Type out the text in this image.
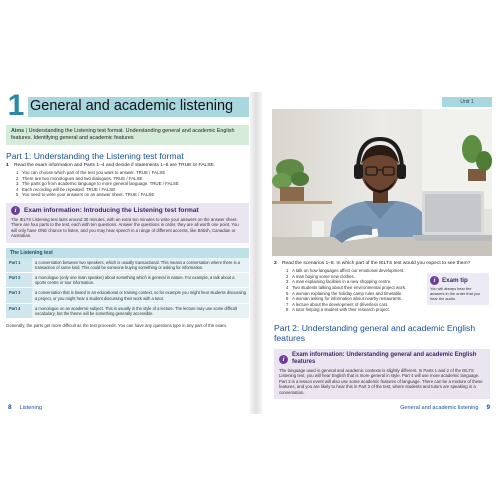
1 General and academic listening
Aims | Understanding the Listening test format. Understanding general and academic English features. Identifying general and academic features
Part 1: Understanding the Listening test format
1	Read the exam information and Parts 1–4 and decide if statements 1–5 are TRUE or FALSE.
1 You can choose which part of the test you want to answer. TRUE / FALSE
2 There are two monologues and two dialogues. TRUE / FALSE
3 The parts go from academic language to more general language. TRUE / FALSE
4 Each recording will be repeated. TRUE / FALSE
5 You need to write your answers on an answer sheet. TRUE / FALSE
i	Exam information: Introducing the Listening test format
The IELTS Listening test lasts around 30 minutes, with an extra ten minutes to write your answers on the answer sheet. There are four parts to the test, each with ten questions. Answer the questions in order, they are all worth one point. You will only have ONE chance to listen, and you may hear speech in a range of different accents, like British, Canadian or Australian.
The Listening test	
Part 1	a conversation between two speakers, which is usually transactional. This means a conversation where there is a transaction of some kind. This could be someone buying something or asking for information.
Part 2	a monologue (only one main speaker) about something which is general in nature. For example, a talk about a sports centre or tour information.
Part 3	a conversation that is based in an educational or training context, so for example you might hear students discussing a project, or you might hear a student discussing their work with a tutor.
Part 4	a monologue on an academic subject. This is usually in the style of a lecture. The lecture may use some difficult vocabulary, but the theme will be something generally accessible.
Generally, the parts get more difficult as the test proceeds. You can have any questions type in any part of the exam.
Unit 1
2	Read the scenarios 1–8. In which part of the IELTS test would you expect to see them?
1 A talk on how languages affect our emotional development.
2 A man buying some new clothes.
3 A man explaining facilities in a new shopping centre.
4 Two students talking about their environmental project work.
5 A woman explaining the holiday camp rules and timetable.
6 A woman asking for information about nearby restaurants.
7 A lecture about the development of driverless cars.
8 A tutor helping a student with their research project.
i	Exam tip
You will always hear the answers in the order that you hear the audio.
Part 2: Understanding general and academic English features
i
Exam information: Understanding general and academic English features
The language used in general and academic contexts is slightly different. In Parts 1 and 2 of the IELTS Listening test, you will hear English that is more general in style. Part 4 will use more academic language. Part 3 is a lesson event will also use some academic features of language. There can be a mixture of these features, and you are likely to hear this in Part 3 of the test, where students and tutors are speaking in a conversation.
8 Listening	General and academic listening 9
